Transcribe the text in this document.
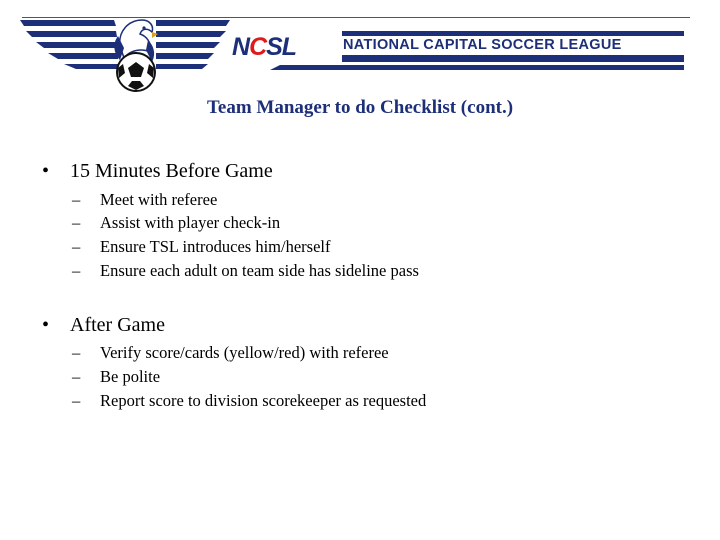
NCSL	NATIONAL CAPITAL SOCCER LEAGUE
Team Manager to do Checklist (cont.)
• 15 Minutes Before Game
– Meet with referee
– Assist with player check-in
– Ensure TSL introduces him/herself
– Ensure each adult on team side has sideline pass
• After Game
– Verify score/cards (yellow/red) with referee
– Be polite
– Report score to division scorekeeper as requested
